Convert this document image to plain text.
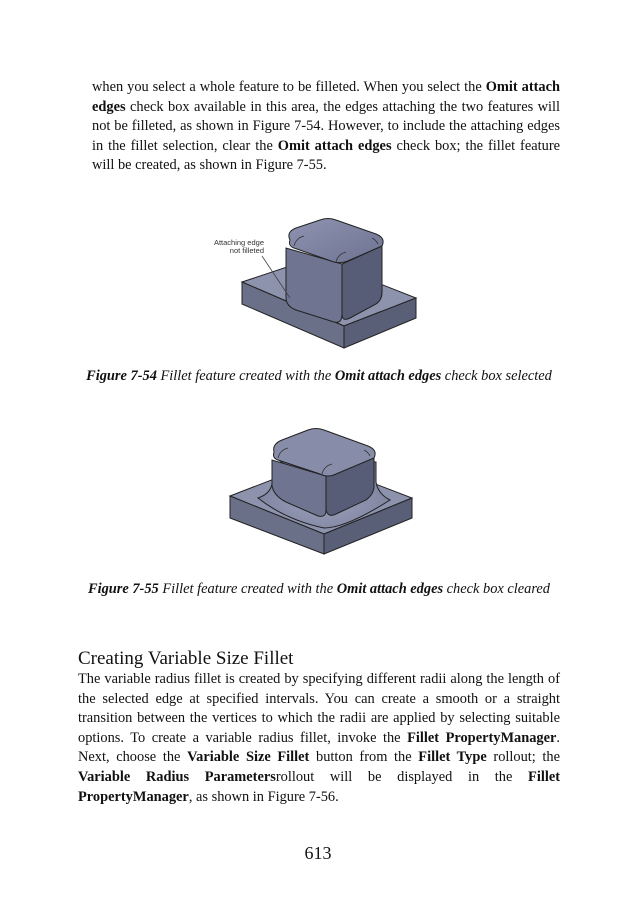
when you select a whole feature to be filleted. When you select the Omit attach edges check box available in this area, the edges attaching the two features will not be filleted, as shown in Figure 7-54. However, to include the attaching edges in the fillet selection, clear the Omit attach edges check box; the fillet feature will be created, as shown in Figure 7-55.
Attaching edge
not filleted
Figure 7-54 Fillet feature created with the Omit attach edges check box selected
Figure 7-55 Fillet feature created with the Omit attach edges check box cleared
Creating Variable Size Fillet
The variable radius fillet is created by specifying different radii along the length of the selected edge at specified intervals. You can create a smooth or a straight transition between the vertices to which the radii are applied by selecting suitable options. To create a variable radius fillet, invoke the Fillet PropertyManager. Next, choose the Variable Size Fillet button from the Fillet Type rollout; the Variable Radius Parametersrollout will be displayed in the Fillet PropertyManager, as shown in Figure 7-56.
613
